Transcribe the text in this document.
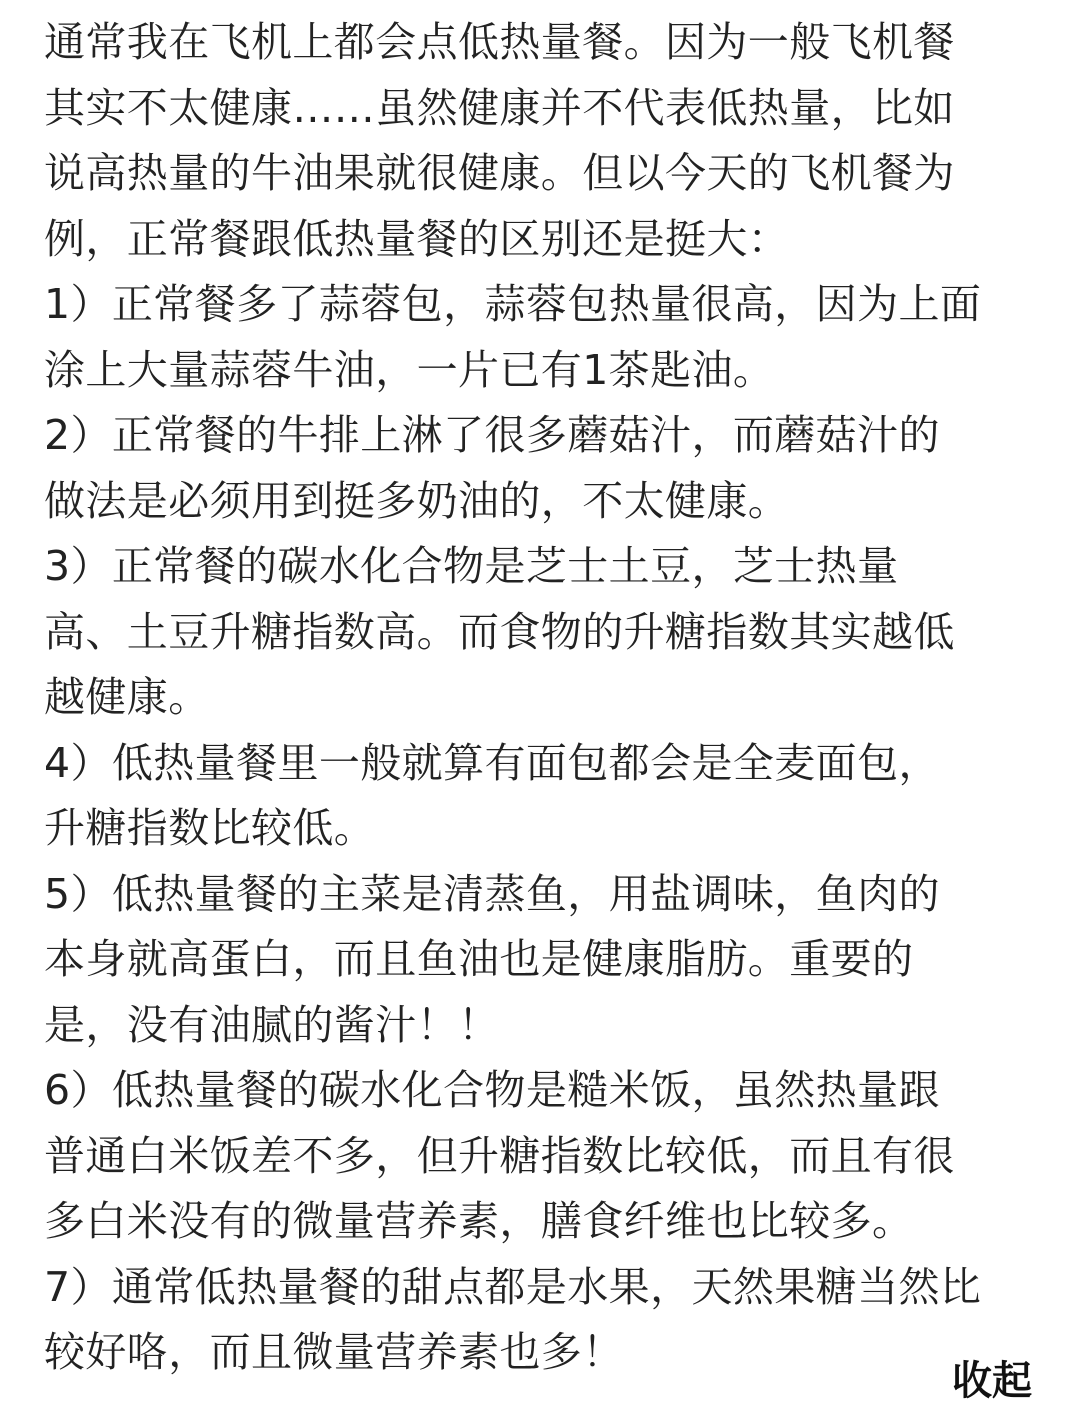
通常我在飞机上都会点低热量餐。因为一般飞机餐
其实不太健康……虽然健康并不代表低热量，比如
说高热量的牛油果就很健康。但以今天的飞机餐为
例，正常餐跟低热量餐的区别还是挺大：
1）正常餐多了蒜蓉包，蒜蓉包热量很高，因为上面
涂上大量蒜蓉牛油，一片已有1茶匙油。
2）正常餐的牛排上淋了很多蘑菇汁，而蘑菇汁的
做法是必须用到挺多奶油的，不太健康。
3）正常餐的碳水化合物是芝士土豆，芝士热量
高、土豆升糖指数高。而食物的升糖指数其实越低
越健康。
4）低热量餐里一般就算有面包都会是全麦面包，
升糖指数比较低。
5）低热量餐的主菜是清蒸鱼，用盐调味，鱼肉的
本身就高蛋白，而且鱼油也是健康脂肪。重要的
是，没有油腻的酱汁！！
6）低热量餐的碳水化合物是糙米饭，虽然热量跟
普通白米饭差不多，但升糖指数比较低，而且有很
多白米没有的微量营养素，膳食纤维也比较多。
7）通常低热量餐的甜点都是水果，天然果糖当然比
较好咯，而且微量营养素也多！
收起
